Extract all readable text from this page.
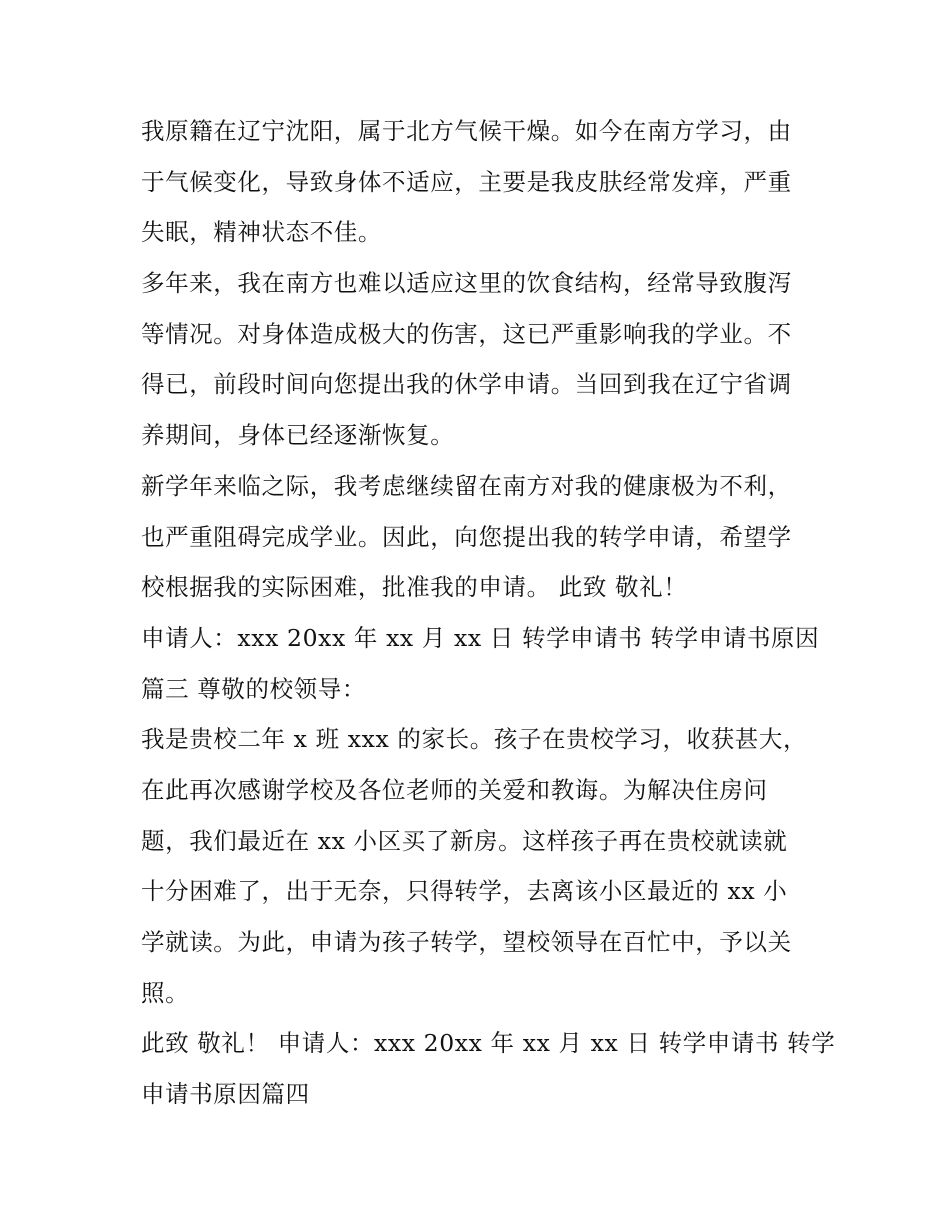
我原籍在辽宁沈阳，属于北方气候干燥。如今在南方学习，由
于气候变化，导致身体不适应，主要是我皮肤经常发痒，严重
失眠，精神状态不佳。

多年来，我在南方也难以适应这里的饮食结构，经常导致腹泻
等情况。对身体造成极大的伤害，这已严重影响我的学业。不
得已，前段时间向您提出我的休学申请。当回到我在辽宁省调
养期间，身体已经逐渐恢复。

新学年来临之际，我考虑继续留在南方对我的健康极为不利，
也严重阻碍完成学业。因此，向您提出我的转学申请，希望学
校根据我的实际困难，批准我的申请。 此致 敬礼！

申请人：xxx 20xx 年 xx 月 xx 日 转学申请书 转学申请书原因
篇三 尊敬的校领导：

我是贵校二年 x 班 xxx 的家长。孩子在贵校学习，收获甚大，
在此再次感谢学校及各位老师的关爱和教诲。为解决住房问
题，我们最近在 xx 小区买了新房。这样孩子再在贵校就读就
十分困难了，出于无奈，只得转学，去离该小区最近的 xx 小
学就读。为此，申请为孩子转学，望校领导在百忙中，予以关
照。

此致 敬礼！ 申请人：xxx 20xx 年 xx 月 xx 日 转学申请书 转学
申请书原因篇四
